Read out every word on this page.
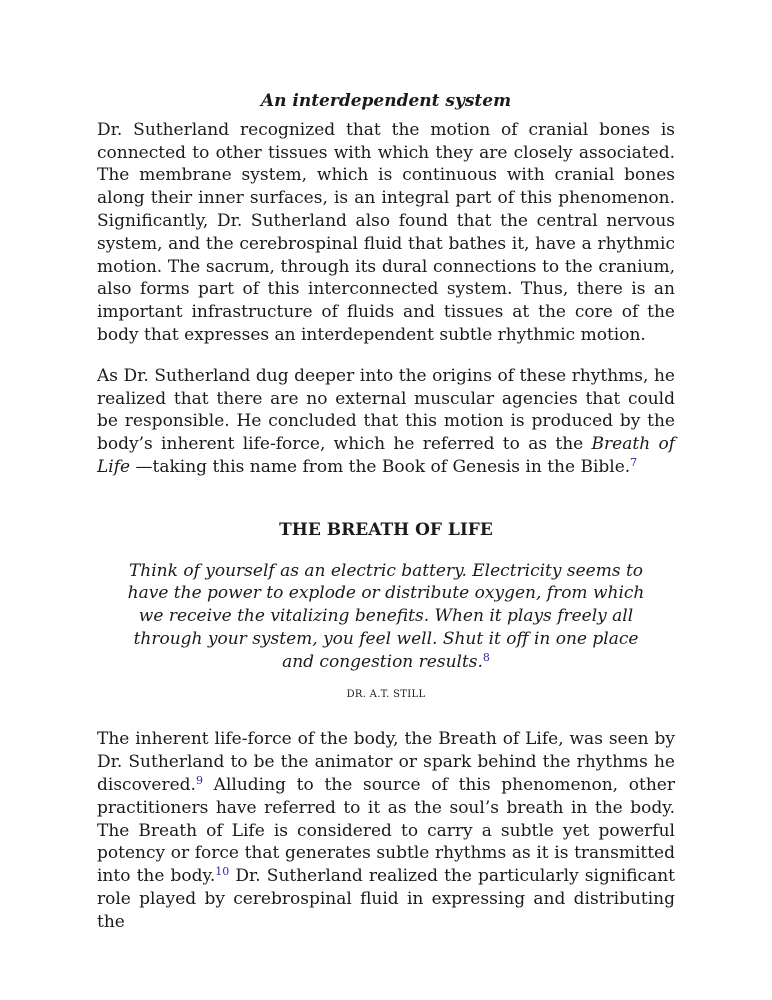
An interdependent system

Dr. Sutherland recognized that the motion of cranial bones is connected to other tissues with which they are closely associated. The membrane system, which is continuous with cranial bones along their inner surfaces, is an integral part of this phenomenon. Significantly, Dr. Sutherland also found that the central nervous system, and the cerebrospinal fluid that bathes it, have a rhythmic motion. The sacrum, through its dural connections to the cranium, also forms part of this interconnected system. Thus, there is an important infrastructure of fluids and tissues at the core of the body that expresses an interdependent subtle rhythmic motion.

As Dr. Sutherland dug deeper into the origins of these rhythms, he realized that there are no external muscular agencies that could be responsible. He concluded that this motion is produced by the body’s inherent life-force, which he referred to as the Breath of Life —taking this name from the Book of Genesis in the Bible.$^7$

THE BREATH OF LIFE
Think of yourself as an electric battery. Electricity seems to have the power to explode or distribute oxygen, from which we receive the vitalizing benefits. When it plays freely all through your system, you feel well. Shut it off in one place and congestion results.$^8$
DR. A.T. STILL

The inherent life-force of the body, the Breath of Life, was seen by Dr. Sutherland to be the animator or spark behind the rhythms he discovered.$^9$ Alluding to the source of this phenomenon, other practitioners have referred to it as the soul’s breath in the body. The Breath of Life is considered to carry a subtle yet powerful potency or force that generates subtle rhythms as it is transmitted into the body.$^{10}$ Dr. Sutherland realized the particularly significant role played by cerebrospinal fluid in expressing and distributing the
